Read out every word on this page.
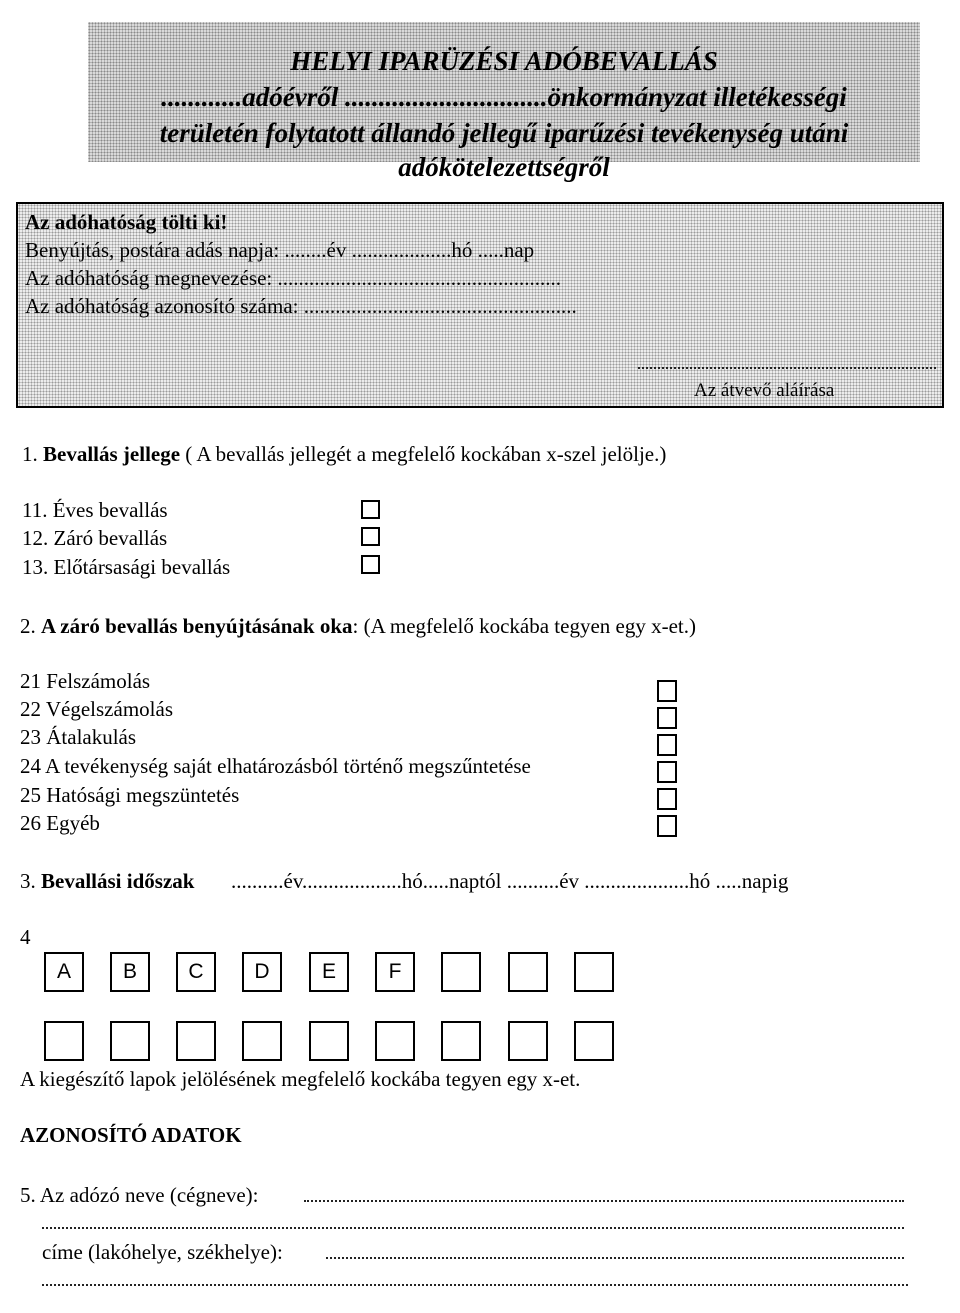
HELYI IPARÜZÉSI ADÓBEVALLÁS
............adóévről ..............................önkormányzat illetékességi
területén folytatott állandó jellegű iparűzési tevékenység utáni
adókötelezettségről
Az adóhatóság tölti ki!
Benyújtás, postára adás napja: ........év ...................hó .....nap
Az adóhatóság megnevezése: ......................................................
Az adóhatóság azonosító száma: ....................................................
Az átvevő aláírása
1. Bevallás jellege ( A bevallás jellegét a megfelelő kockában x-szel jelölje.)
11. Éves bevallás
12. Záró bevallás
13. Előtársasági bevallás
2. A záró bevallás benyújtásának oka: (A megfelelő kockába tegyen egy x-et.)
21 Felszámolás
22 Végelszámolás
23 Átalakulás
24 A tevékenység saját elhatározásból történő megszűntetése
25 Hatósági megszüntetés
26 Egyéb
3. Bevallási időszak ..........év...................hó.....naptól ..........év ....................hó .....napig
4
A	B	C	D	E	F
A kiegészítő lapok jelölésének megfelelő kockába tegyen egy x-et.
AZONOSÍTÓ ADATOK
5. Az adózó neve (cégneve):
címe (lakóhelye, székhelye):
